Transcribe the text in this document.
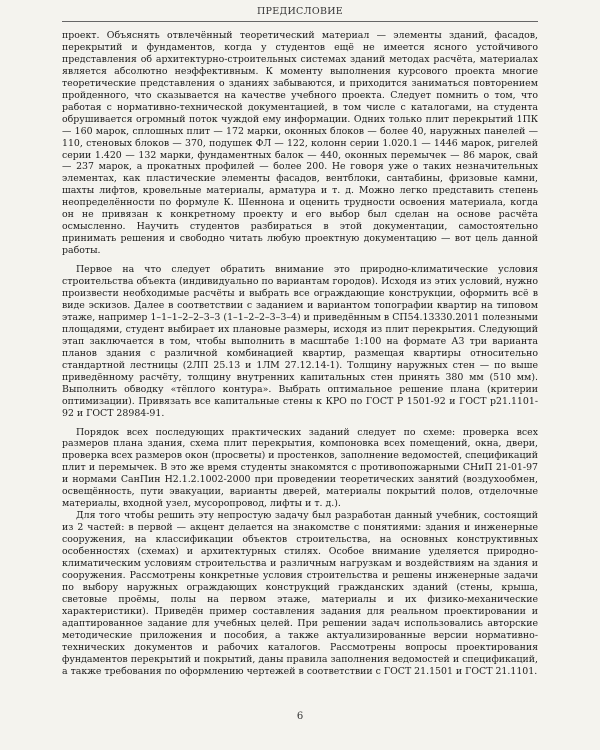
ПРЕДИСЛОВИЕ

проект. Объяснять отвлечённый теоретический материал — элементы зданий, фасадов, перекрытий и фундаментов, когда у студентов ещё не имеется ясного устойчивого представления об архитектурно-строительных системах зданий методах расчёта, материалах является абсолютно неэффективным. К моменту выполнения курсового проекта многие теоретические представления о зданиях забываются, и приходится заниматься повторением пройденного, что сказывается на качестве учебного проекта. Следует помнить о том, что работая с нормативно-технической документацией, в том числе с каталогами, на студента обрушивается огромный поток чуждой ему информации. Одних только плит перекрытий 1ПК — 160 марок, сплошных плит — 172 марки, оконных блоков — более 40, наружных панелей — 110, стеновых блоков — 370, подушек ФЛ — 122, колонн серии 1.020.1 — 1446 марок, ригелей серии 1.420 — 132 марки, фундаментных балок — 440, оконных перемычек — 86 марок, свай — 237 марок, а прокатных профилей — более 200. Не говоря уже о таких незначительных элементах, как пластические элементы фасадов, вентблоки, сантабины, фризовые камни, шахты лифтов, кровельные материалы, арматура и т. д. Можно легко представить степень неопределённости по формуле К. Шеннона и оценить трудности освоения материала, когда он не привязан к конкретному проекту и его выбор был сделан на основе расчёта осмысленно. Научить студентов разбираться в этой документации, самостоятельно принимать решения и свободно читать любую проектную документацию — вот цель данной работы.

Первое на что следует обратить внимание это природно-климатические условия строительства объекта (индивидуально по вариантам городов). Исходя из этих условий, нужно произвести необходимые расчёты и выбрать все ограждающие конструкции, оформить всё в виде эскизов. Далее в соответствии с заданием и вариантом топографии квартир на типовом этаже, например 1–1–1–2–2–3–3 (1–1–2–2–3–3–4) и приведённым в СП54.13330.2011 полезными площадями, студент выбирает их плановые размеры, исходя из плит перекрытия. Следующий этап заключается в том, чтобы выполнить в масштабе 1:100 на формате А3 три варианта планов здания с различной комбинацией квартир, размещая квартиры относительно стандартной лестницы (2ЛП 25.13 и 1ЛМ 27.12.14-1). Толщину наружных стен — по выше приведённому расчёту, толщину внутренних капитальных стен принять 380 мм (510 мм). Выполнить обводку «тёплого контура». Выбрать оптимальное решение плана (критерии оптимизации). Привязать все капитальные стены к КРО по ГОСТ Р 1501-92 и ГОСТ р21.1101-92 и ГОСТ 28984-91.

Порядок всех последующих практических заданий следует по схеме: проверка всех размеров плана здания, схема плит перекрытия, компоновка всех помещений, окна, двери, проверка всех размеров окон (просветы) и простенков, заполнение ведомостей, спецификаций плит и перемычек. В это же время студенты знакомятся с противопожарными СНиП 21-01-97 и нормами СанПин Н2.1.2.1002-2000 при проведении теоретических занятий (воздухообмен, освещённость, пути эвакуации, варианты дверей, материалы покрытий полов, отделочные материалы, входной узел, мусоропровод, лифты и т. д.).

Для того чтобы решить эту непростую задачу был разработан данный учебник, состоящий из 2 частей: в первой — акцент делается на знакомстве с понятиями: здания и инженерные сооружения, на классификации объектов строительства, на основных конструктивных особенностях (схемах) и архитектурных стилях. Особое внимание уделяется природно-климатическим условиям строительства и различным нагрузкам и воздействиям на здания и сооружения. Рассмотрены конкретные условия строительства и решены инженерные задачи по выбору наружных ограждающих конструкций гражданских зданий (стены, крыша, световые проёмы, полы на первом этаже, материалы и их физико-механические характеристики). Приведён пример составления задания для реальном проектировании и адаптированное задание для учебных целей. При решении задач использовались авторские методические приложения и пособия, а также актуализированные версии нормативно-технических документов и рабочих каталогов. Рассмотрены вопросы проектирования фундаментов перекрытий и покрытий, даны правила заполнения ведомостей и спецификаций, а также требования по оформлению чертежей в соответствии с ГОСТ 21.1501 и ГОСТ 21.1101.

6
